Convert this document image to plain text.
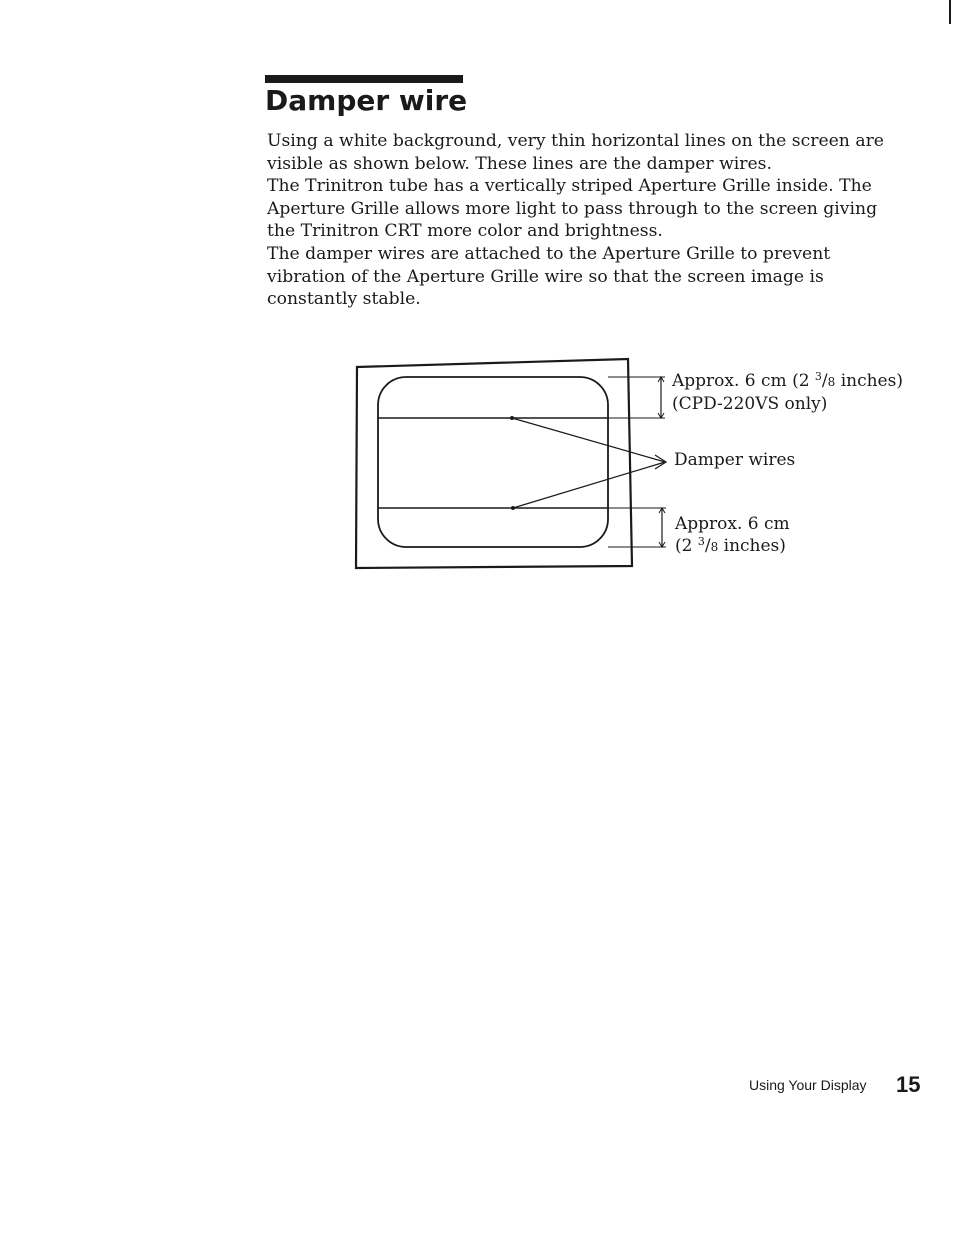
Damper wire

Using a white background, very thin horizontal lines on the screen are visible as shown below. These lines are the damper wires.

The Trinitron tube has a vertically striped Aperture Grille inside. The Aperture Grille allows more light to pass through to the screen giving the Trinitron CRT more color and brightness.

The damper wires are attached to the Aperture Grille to prevent vibration of the Aperture Grille wire so that the screen image is constantly stable.

Approx. 6 cm (2 $^3$/8 inches)
(CPD-220VS only)
Damper wires
Approx. 6 cm
(2 $^3$/8 inches)
Using Your Display 15
